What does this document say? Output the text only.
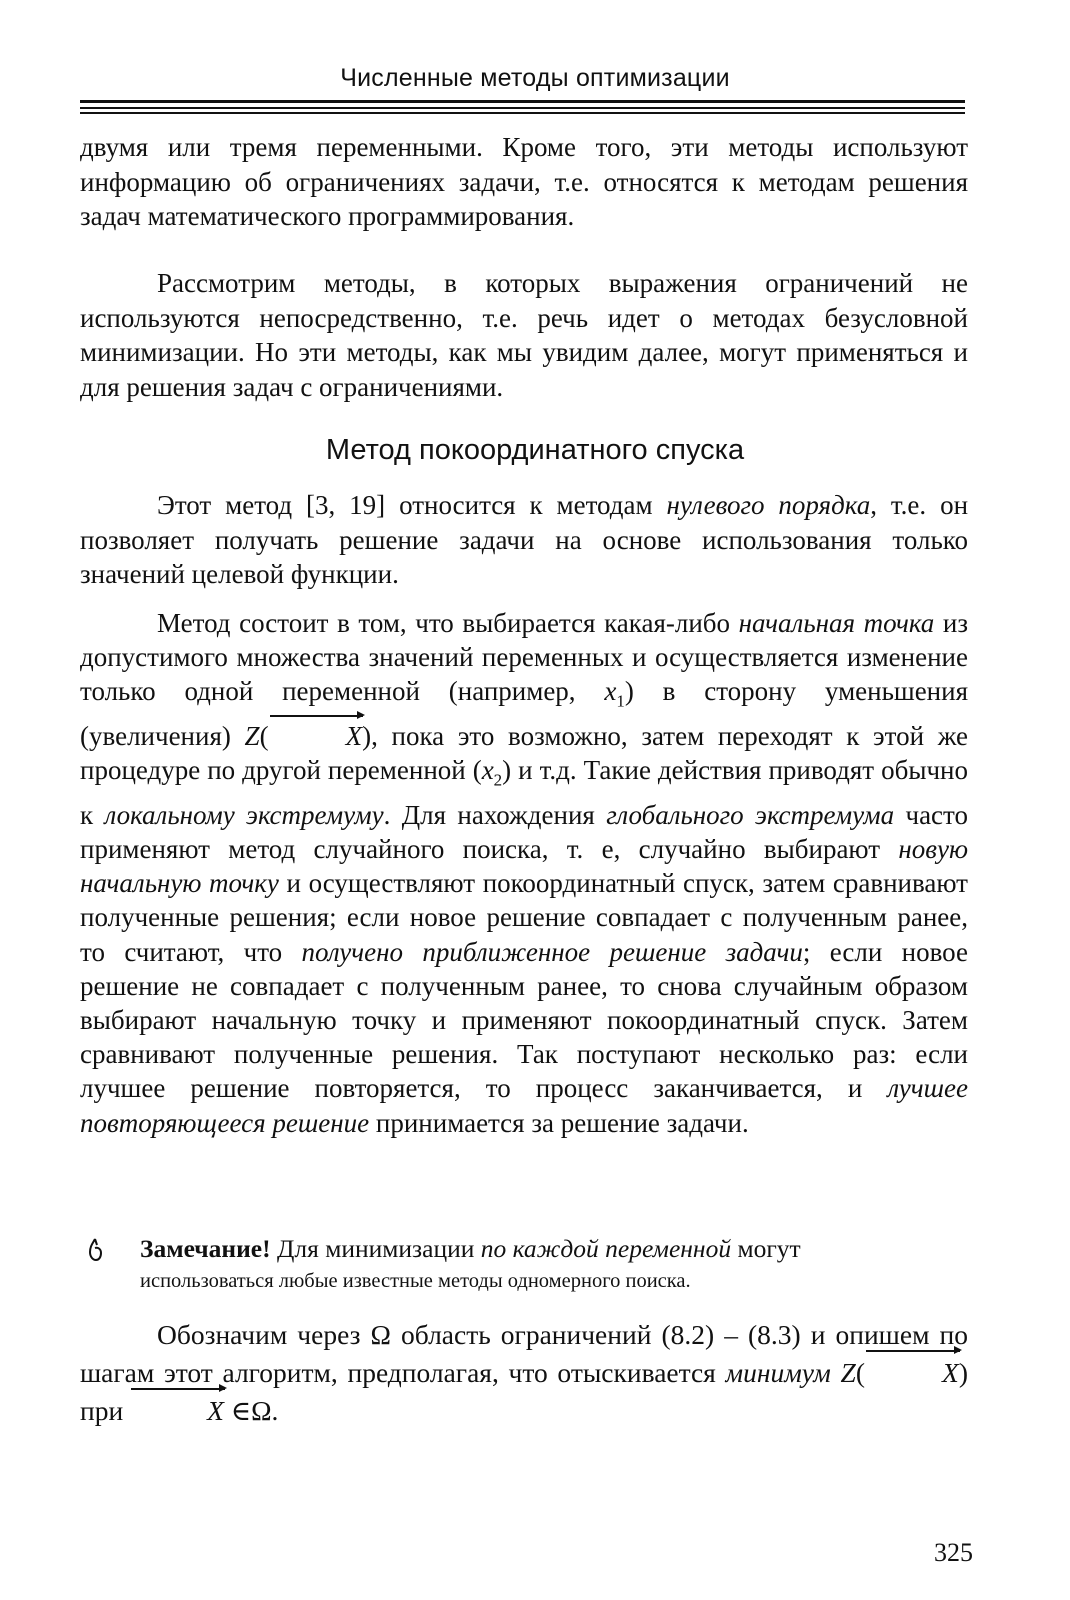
Численные методы оптимизации

двумя или тремя переменными. Кроме того, эти методы используют информацию об ограничениях задачи, т.е. относятся к методам решения задач математического программирования.

Рассмотрим методы, в которых выражения ограничений не используются непосредственно, т.е. речь идет о методах безусловной минимизации. Но эти методы, как мы увидим далее, могут применяться и для решения задач с ограничениями.

Метод покоординатного спуска

Этот метод [3, 19] относится к методам нулевого порядка, т.е. он позволяет получать решение задачи на основе использования только значений целевой функции.

Метод состоит в том, что выбирается какая-либо начальная точка из допустимого множества значений переменных и осуществляется изменение только одной переменной (например, $x_1$) в сторону уменьшения (увеличения) Z(	X), пока это возможно, затем переходят к этой же процедуре по другой переменной $(x_2)$ и т.д. Такие действия приводят обычно к локальному экстремуму. Для нахождения глобального экстремума часто применяют метод случайного поиска, т. е, случайно выбирают новую начальную точку и осуществляют покоординатный спуск, затем сравнивают полученные решения; если новое решение совпадает с полученным ранее, то считают, что получено приближенное решение задачи; если новое решение не совпадает с полученным ранее, то снова случайным образом выбирают начальную точку и применяют покоординатный спуск. Затем сравнивают полученные решения. Так поступают несколько раз: если лучшее решение повторяется, то процесс заканчивается, и лучшее повторяющееся решение принимается за решение задачи.

Замечание! Для минимизации по каждой переменной могут
использоваться любые известные методы одномерного поиска.

Обозначим через Ω область ограничений (8.2) – (8.3) и опишем по шагам этот алгоритм, предполагая, что отыскивается минимум Z(	X) при	X ∈Ω.

325
